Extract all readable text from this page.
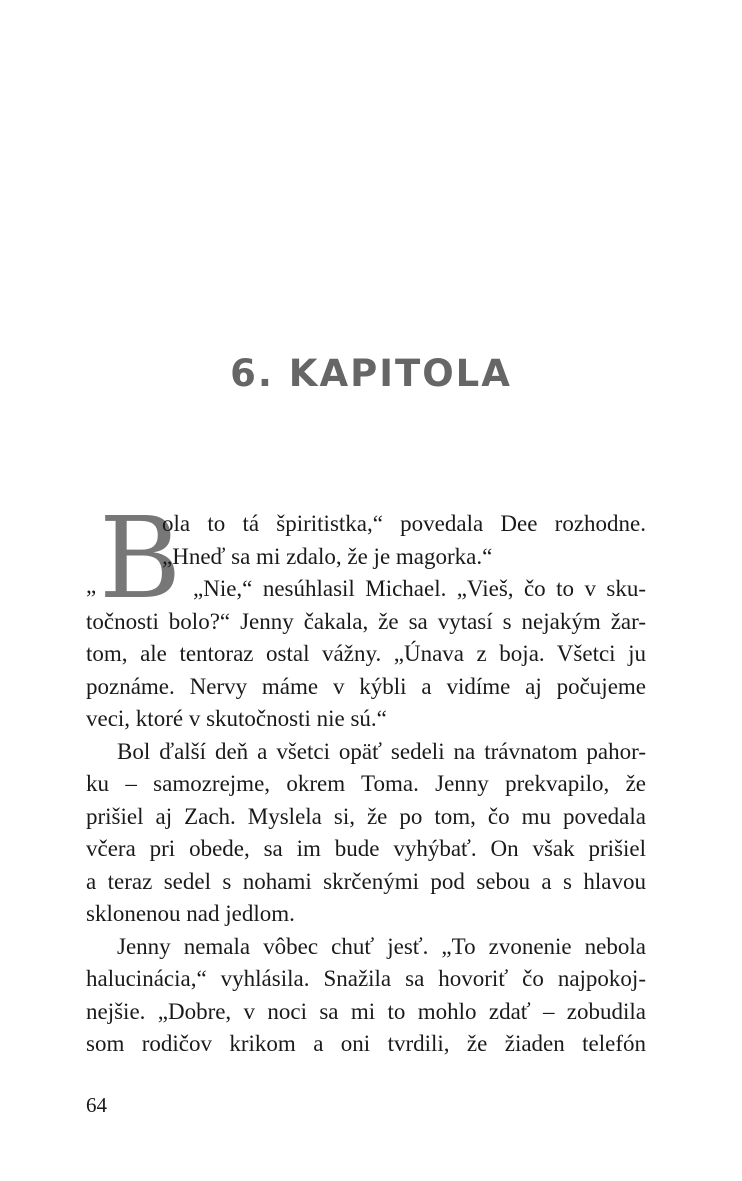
6. KAPITOLA
B
„
ola to tá špiritistka,“ povedala Dee rozhodne.
„Hneď sa mi zdalo, že je magorka.“
„Nie,“ nesúhlasil Michael. „Vieš, čo to v sku-
točnosti bolo?“ Jenny čakala, že sa vytasí s nejakým žar-
tom, ale tentoraz ostal vážny. „Únava z boja. Všetci ju
poznáme. Nervy máme v kýbli a vidíme aj počujeme
veci, ktoré v skutočnosti nie sú.“
Bol ďalší deň a všetci opäť sedeli na trávnatom pahor-
ku – samozrejme, okrem Toma. Jenny prekvapilo, že
prišiel aj Zach. Myslela si, že po tom, čo mu povedala
včera pri obede, sa im bude vyhýbať. On však prišiel
a teraz sedel s nohami skrčenými pod sebou a s hlavou
sklonenou nad jedlom.
Jenny nemala vôbec chuť jesť. „To zvonenie nebola
halucinácia,“ vyhlásila. Snažila sa hovoriť čo najpokoj-
nejšie. „Dobre, v noci sa mi to mohlo zdať – zobudila
som rodičov krikom a oni tvrdili, že žiaden telefón
64
